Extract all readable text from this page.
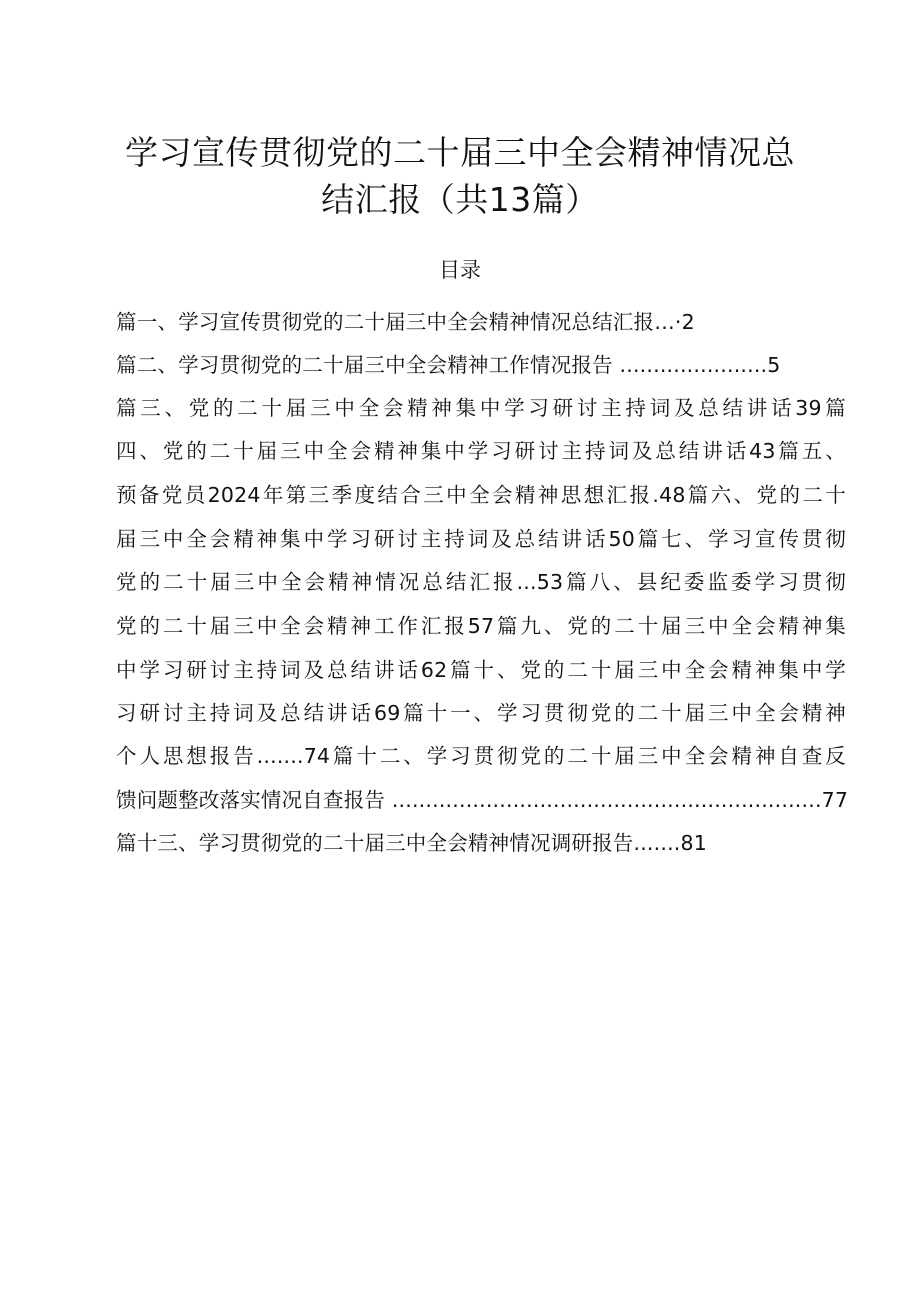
学习宣传贯彻党的二十届三中全会精神情况总
结汇报（共13篇）
目录
篇一、学习宣传贯彻党的二十届三中全会精神情况总结汇报…·2
篇二、学习贯彻党的二十届三中全会精神工作情况报告 ......................5
篇三、党的二十届三中全会精神集中学习研讨主持词及总结讲话39篇
四、党的二十届三中全会精神集中学习研讨主持词及总结讲话43篇五、
预备党员2024年第三季度结合三中全会精神思想汇报.48篇六、党的二十
届三中全会精神集中学习研讨主持词及总结讲话50篇七、学习宣传贯彻
党的二十届三中全会精神情况总结汇报...53篇八、县纪委监委学习贯彻
党的二十届三中全会精神工作汇报57篇九、党的二十届三中全会精神集
中学习研讨主持词及总结讲话62篇十、党的二十届三中全会精神集中学
习研讨主持词及总结讲话69篇十一、学习贯彻党的二十届三中全会精神
个人思想报告.......74篇十二、学习贯彻党的二十届三中全会精神自查反
馈问题整改落实情况自查报告 ................................................................77
篇十三、学习贯彻党的二十届三中全会精神情况调研报告.......81
